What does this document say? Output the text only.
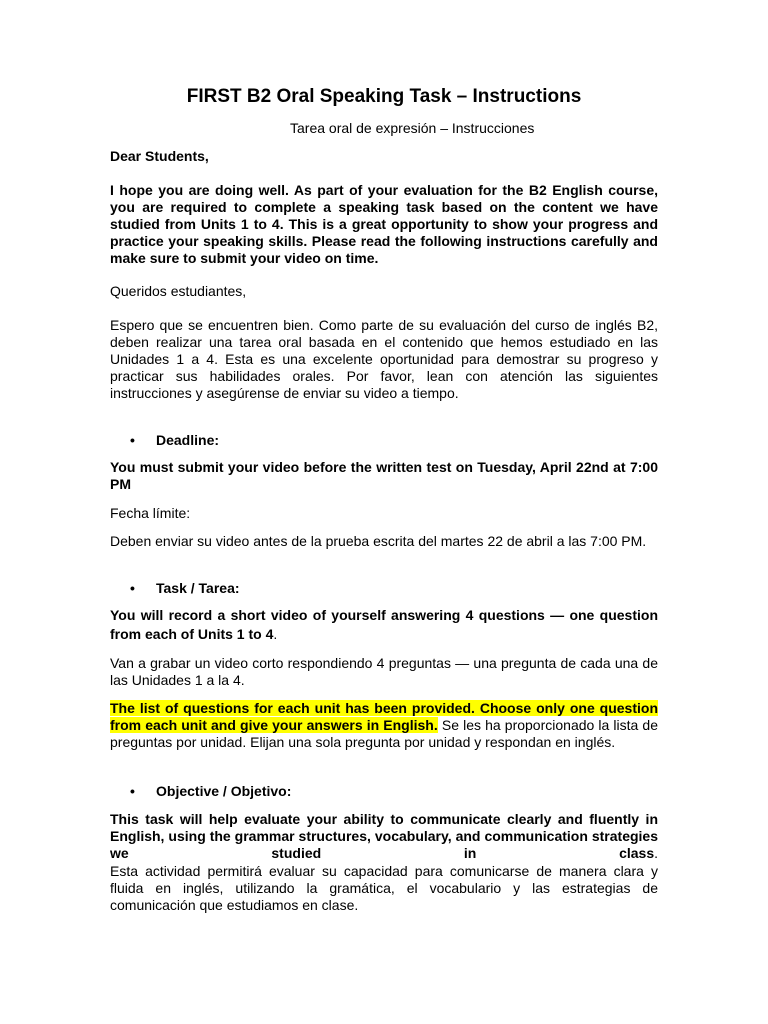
FIRST B2 Oral Speaking Task – Instructions

Tarea oral de expresión – Instrucciones

Dear Students,

I hope you are doing well. As part of your evaluation for the B2 English course, you are required to complete a speaking task based on the content we have studied from Units 1 to 4. This is a great opportunity to show your progress and practice your speaking skills. Please read the following instructions carefully and make sure to submit your video on time.

Queridos estudiantes,

Espero que se encuentren bien. Como parte de su evaluación del curso de inglés B2, deben realizar una tarea oral basada en el contenido que hemos estudiado en las Unidades 1 a 4. Esta es una excelente oportunidad para demostrar su progreso y practicar sus habilidades orales. Por favor, lean con atención las siguientes instrucciones y asegúrense de enviar su video a tiempo.

•	Deadline:

You must submit your video before the written test on Tuesday, April 22nd at 7:00 PM

Fecha límite:

Deben enviar su video antes de la prueba escrita del martes 22 de abril a las 7:00 PM.

•	Task / Tarea:

You will record a short video of yourself answering 4 questions — one question from each of Units 1 to 4.

Van a grabar un video corto respondiendo 4 preguntas — una pregunta de cada una de las Unidades 1 a la 4.

The list of questions for each unit has been provided. Choose only one question from each unit and give your answers in English. Se les ha proporcionado la lista de preguntas por unidad. Elijan una sola pregunta por unidad y respondan en inglés.

•	Objective / Objetivo:

This task will help evaluate your ability to communicate clearly and fluently in English, using the grammar structures, vocabulary, and communication strategies we studied in class.

Esta actividad permitirá evaluar su capacidad para comunicarse de manera clara y fluida en inglés, utilizando la gramática, el vocabulario y las estrategias de comunicación que estudiamos en clase.
